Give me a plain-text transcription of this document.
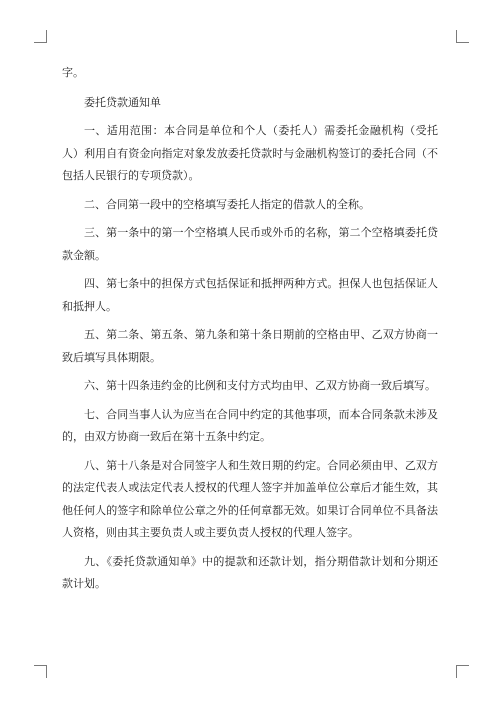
字。

委托贷款通知单

一、适用范围：本合同是单位和个人（委托人）需委托金融机构（受托人）利用自有资金向指定对象发放委托贷款时与金融机构签订的委托合同（不包括人民银行的专项贷款）。

二、合同第一段中的空格填写委托人指定的借款人的全称。

三、第一条中的第一个空格填人民币或外币的名称，第二个空格填委托贷款金额。

四、第七条中的担保方式包括保证和抵押两种方式。担保人也包括保证人和抵押人。

五、第二条、第五条、第九条和第十条日期前的空格由甲、乙双方协商一致后填写具体期限。

六、第十四条违约金的比例和支付方式均由甲、乙双方协商一致后填写。

七、合同当事人认为应当在合同中约定的其他事项，而本合同条款未涉及的，由双方协商一致后在第十五条中约定。

八、第十八条是对合同签字人和生效日期的约定。合同必须由甲、乙双方的法定代表人或法定代表人授权的代理人签字并加盖单位公章后才能生效，其他任何人的签字和除单位公章之外的任何章都无效。如果订合同单位不具备法人资格，则由其主要负责人或主要负责人授权的代理人签字。

九、《委托贷款通知单》中的提款和还款计划，指分期借款计划和分期还款计划。
